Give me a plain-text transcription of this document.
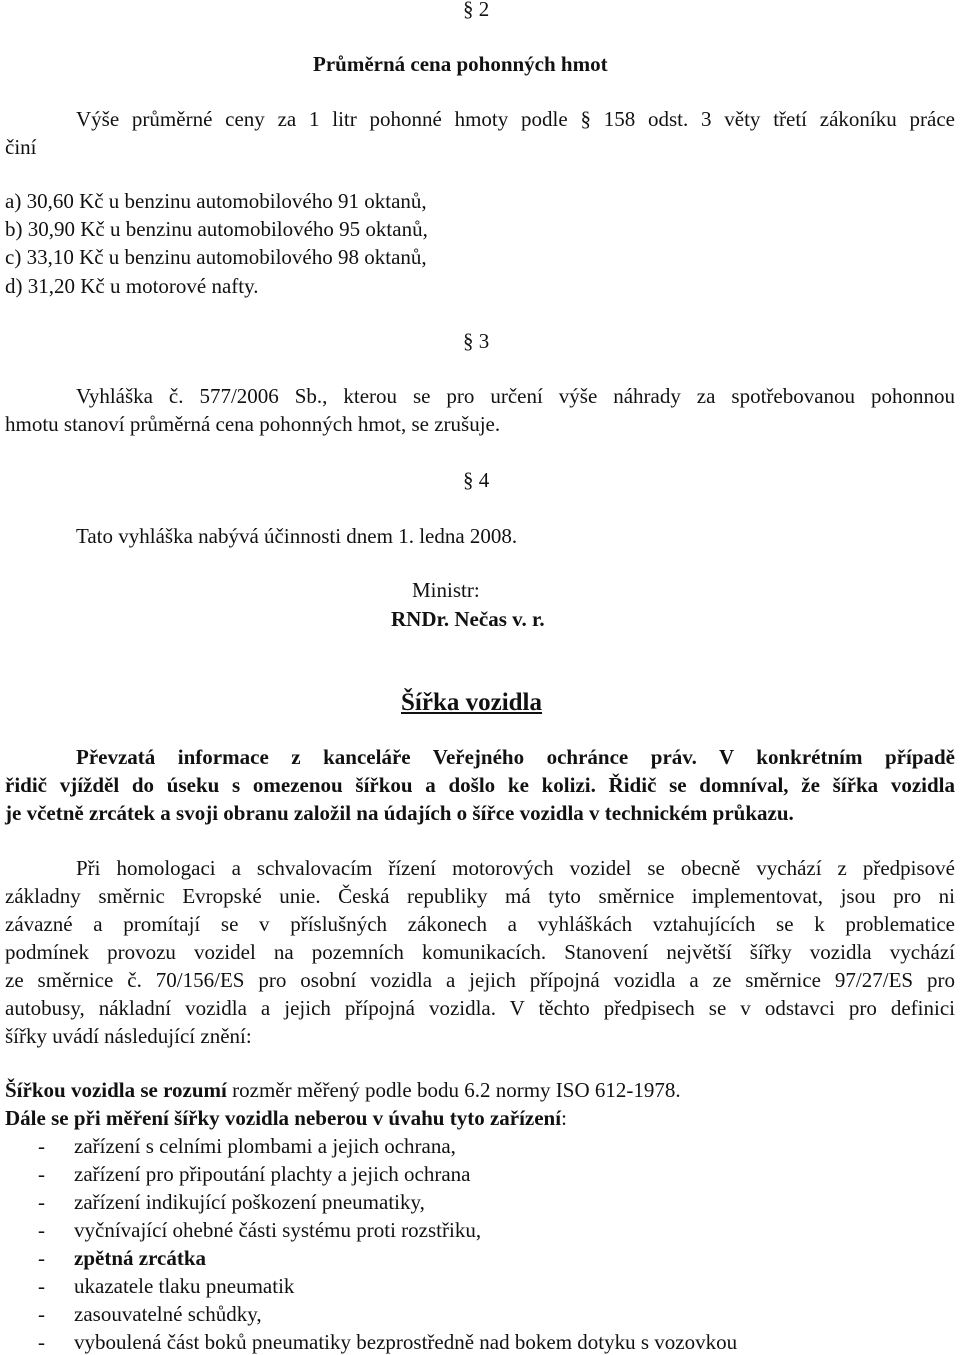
§ 2
Průměrná cena pohonných hmot
Výše průměrné ceny za 1 litr pohonné hmoty podle § 158 odst. 3 věty třetí zákoníku práce
činí
a) 30,60 Kč u benzinu automobilového 91 oktanů,
b) 30,90 Kč u benzinu automobilového 95 oktanů,
c) 33,10 Kč u benzinu automobilového 98 oktanů,
d) 31,20 Kč u motorové nafty.
§ 3
Vyhláška č. 577/2006 Sb., kterou se pro určení výše náhrady za spotřebovanou pohonnou
hmotu stanoví průměrná cena pohonných hmot, se zrušuje.
§ 4
Tato vyhláška nabývá účinnosti dnem 1. ledna 2008.
Ministr:
RNDr. Nečas v. r.
Šířka vozidla
Převzatá informace z kanceláře Veřejného ochránce práv. V konkrétním případě
řidič vjížděl do úseku s omezenou šířkou a došlo ke kolizi. Řidič se domníval, že šířka vozidla
je včetně zrcátek a svoji obranu založil na údajích o šířce vozidla v technickém průkazu.
Při homologaci a schvalovacím řízení motorových vozidel se obecně vychází z předpisové
základny směrnic Evropské unie. Česká republiky má tyto směrnice implementovat, jsou pro ni
závazné a promítají se v příslušných zákonech a vyhláškách vztahujících se k problematice
podmínek provozu vozidel na pozemních komunikacích. Stanovení největší šířky vozidla vychází
ze směrnice č. 70/156/ES pro osobní vozidla a jejich přípojná vozidla a ze směrnice 97/27/ES pro
autobusy, nákladní vozidla a jejich přípojná vozidla. V těchto předpisech se v odstavci pro definici
šířky uvádí následující znění:
Šířkou vozidla se rozumí rozměr měřený podle bodu 6.2 normy ISO 612-1978.
Dále se při měření šířky vozidla neberou v úvahu tyto zařízení:
- zařízení s celními plombami a jejich ochrana,
- zařízení pro připoutání plachty a jejich ochrana
- zařízení indikující poškození pneumatiky,
- vyčnívající ohebné části systému proti rozstřiku,
- zpětná zrcátka
- ukazatele tlaku pneumatik
- zasouvatelné schůdky,
- vyboulená část boků pneumatiky bezprostředně nad bokem dotyku s vozovkou
